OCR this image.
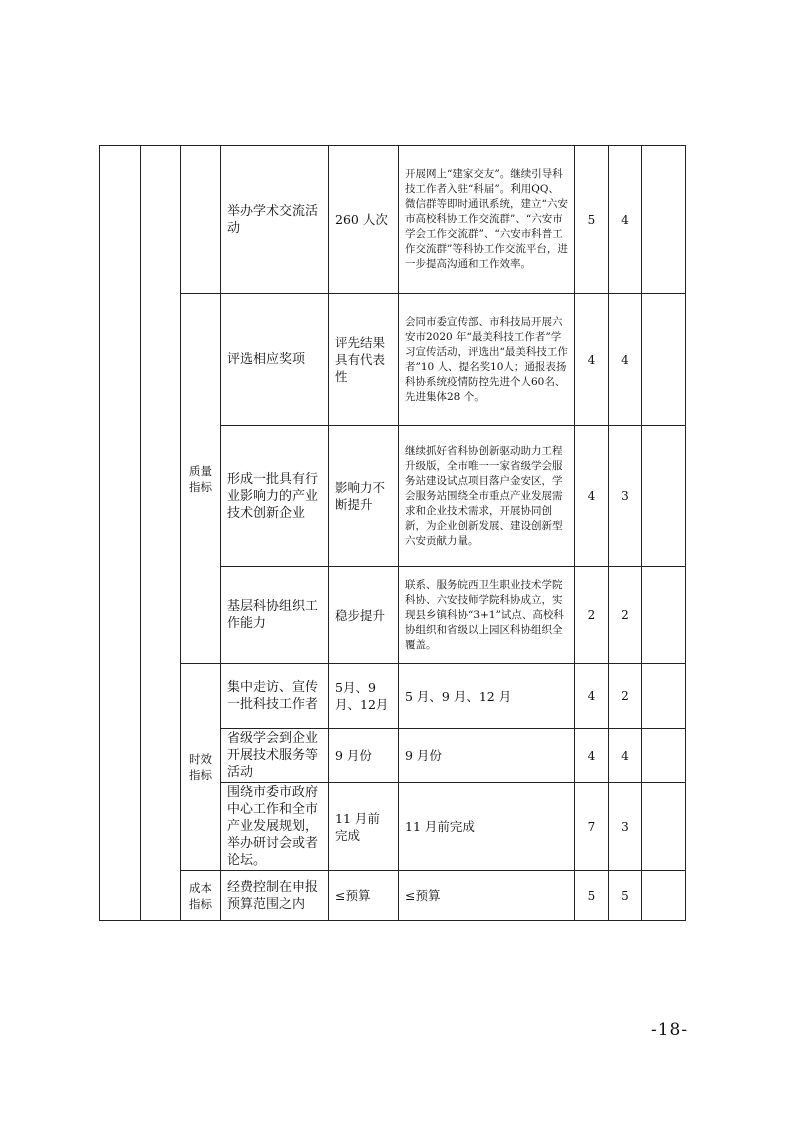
			举办学术交流活动	260 人次	开展网上“建家交友”。继续引导科技工作者入驻“科届”。利用QQ、微信群等即时通讯系统，建立“六安市高校科协工作交流群”、“六安市学会工作交流群”、“六安市科普工作交流群”等科协工作交流平台，进一步提高沟通和工作效率。	5	4	

		质量指标	评选相应奖项	评先结果具有代表性	会同市委宣传部、市科技局开展六安市2020 年“最美科技工作者”学习宣传活动，评选出“最美科技工作者”10 人、提名奖10人；通报表扬科协系统疫情防控先进个人60名、先进集体28 个。	4	4	
			形成一批具有行业影响力的产业技术创新企业	影响力不断提升	继续抓好省科协创新驱动助力工程升级版，全市唯一一家省级学会服务站建设试点项目落户金安区，学会服务站围绕全市重点产业发展需求和企业技术需求，开展协同创新，为企业创新发展、建设创新型六安贡献力量。	4	3	
			基层科协组织工作能力	稳步提升	联系、服务皖西卫生职业技术学院科协、六安技师学院科协成立，实现县乡镇科协“3+1”试点、高校科协组织和省级以上园区科协组织全覆盖。	2	2	

		时效指标	集中走访、宣传一批科技工作者	5月、9月、12月	5 月、9 月、12 月	4	2	
			省级学会到企业开展技术服务等活动	9 月份	9 月份	4	4	
			围绕市委市政府中心工作和全市产业发展规划，举办研讨会或者论坛。	11 月前完成	11 月前完成	7	3	

		成本指标	经费控制在申报预算范围之内	≤预算	≤预算	5	5	
-18-
